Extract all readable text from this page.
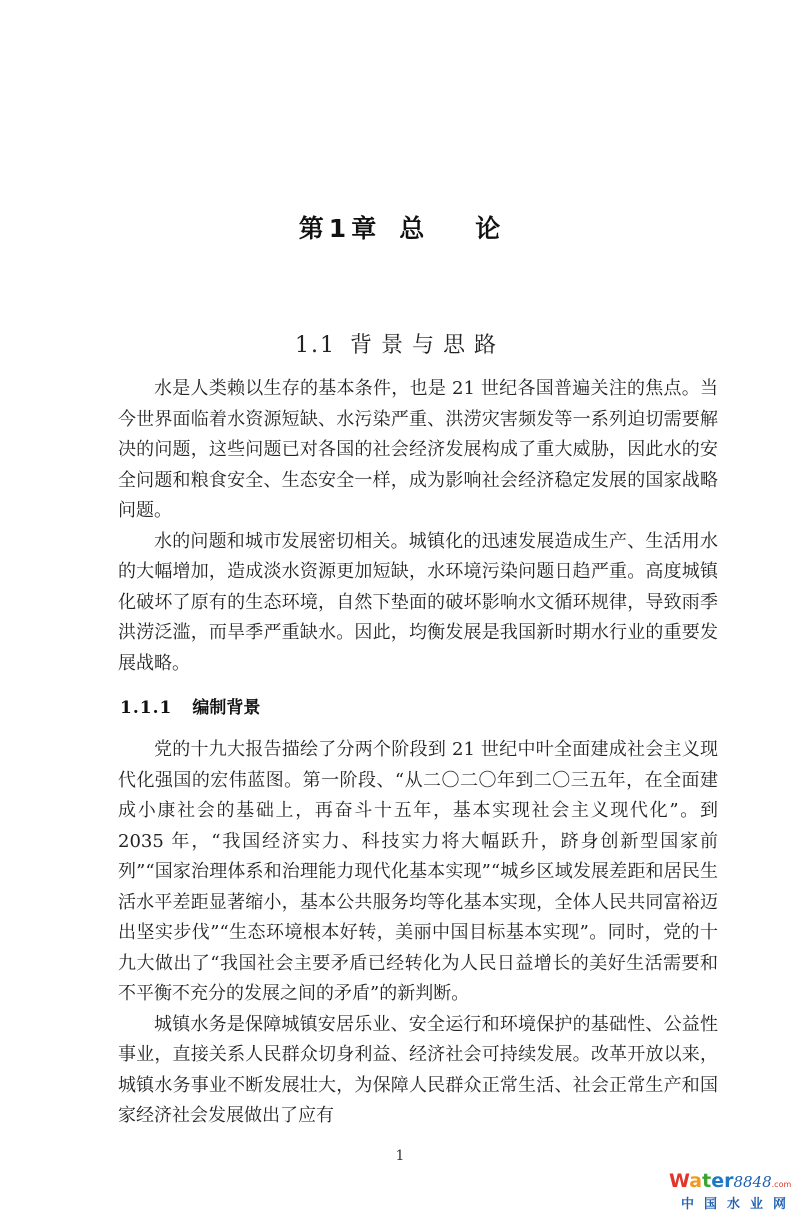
第 1 章 总 论
1.1 背景与思路

水是人类赖以生存的基本条件，也是 21 世纪各国普遍关注的焦点。当今世界面临着水资源短缺、水污染严重、洪涝灾害频发等一系列迫切需要解决的问题，这些问题已对各国的社会经济发展构成了重大威胁，因此水的安全问题和粮食安全、生态安全一样，成为影响社会经济稳定发展的国家战略问题。

水的问题和城市发展密切相关。城镇化的迅速发展造成生产、生活用水的大幅增加，造成淡水资源更加短缺，水环境污染问题日趋严重。高度城镇化破坏了原有的生态环境，自然下垫面的破坏影响水文循环规律，导致雨季洪涝泛滥，而旱季严重缺水。因此，均衡发展是我国新时期水行业的重要发展战略。

1.1.1 编制背景

党的十九大报告描绘了分两个阶段到 21 世纪中叶全面建成社会主义现代化强国的宏伟蓝图。第一阶段、“从二〇二〇年到二〇三五年，在全面建成小康社会的基础上，再奋斗十五年，基本实现社会主义现代化”。到 2035 年，“我国经济实力、科技实力将大幅跃升，跻身创新型国家前列”“国家治理体系和治理能力现代化基本实现”“城乡区域发展差距和居民生活水平差距显著缩小，基本公共服务均等化基本实现，全体人民共同富裕迈出坚实步伐”“生态环境根本好转，美丽中国目标基本实现”。同时，党的十九大做出了“我国社会主要矛盾已经转化为人民日益增长的美好生活需要和不平衡不充分的发展之间的矛盾”的新判断。

城镇水务是保障城镇安居乐业、安全运行和环境保护的基础性、公益性事业，直接关系人民群众切身利益、经济社会可持续发展。改革开放以来，城镇水务事业不断发展壮大，为保障人民群众正常生活、社会正常生产和国家经济社会发展做出了应有

1
Water8848.com
中国水业网
